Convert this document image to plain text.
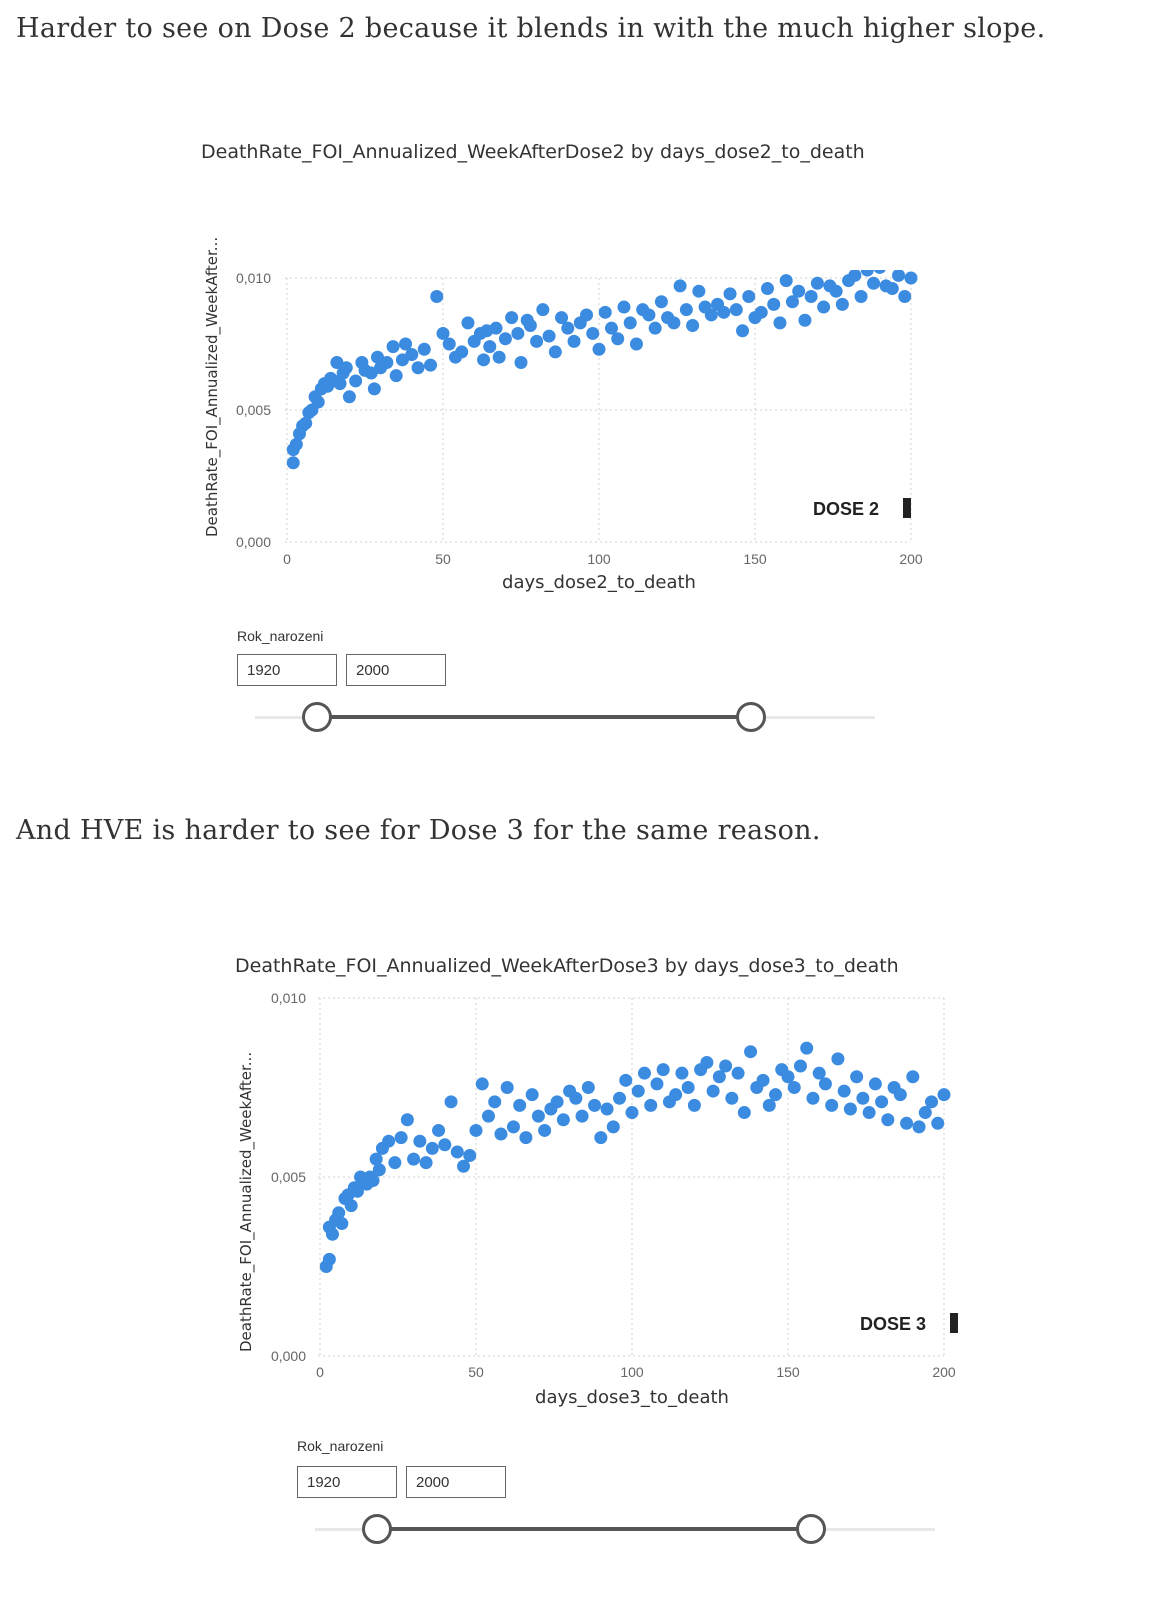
Harder to see on Dose 2 because it blends in with the much higher slope.

DeathRate_FOI_Annualized_WeekAfterDose2 by days_dose2_to_death
DeathRate_FOI_Annualized_WeekAfter...
0,000
0,005
0,010
0	50	100	150	200
days_dose2_to_death
DOSE 2
Rok_narozeni
1920	2000

And HVE is harder to see for Dose 3 for the same reason.

DeathRate_FOI_Annualized_WeekAfterDose3 by days_dose3_to_death
DeathRate_FOI_Annualized_WeekAfter...
0,000
0,005
0,010
0	50	100	150	200
days_dose3_to_death
DOSE 3
Rok_narozeni
1920	2000
